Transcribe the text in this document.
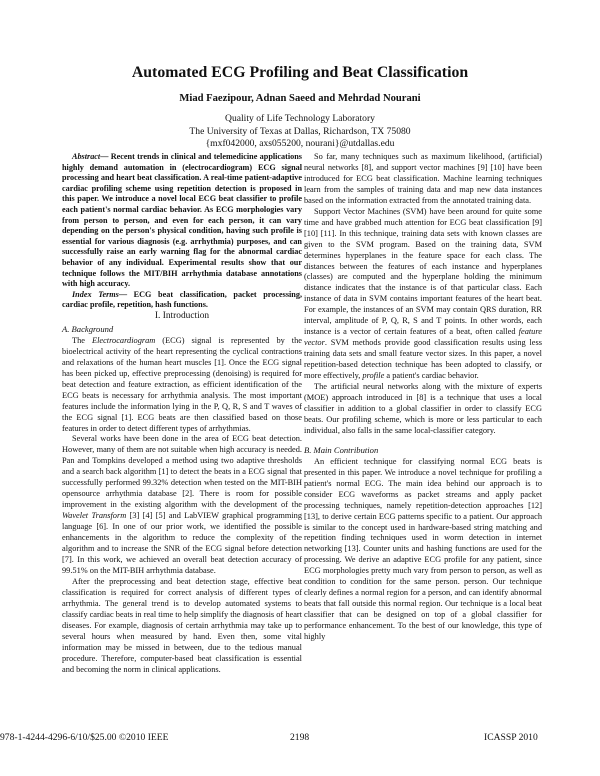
Automated ECG Profiling and Beat Classification
Miad Faezipour, Adnan Saeed and Mehrdad Nourani
Quality of Life Technology Laboratory
The University of Texas at Dallas, Richardson, TX 75080
{mxf042000, axs055200, nourani}@utdallas.edu

Abstract— Recent trends in clinical and telemedicine applications highly demand automation in (electrocardiogram) ECG signal processing and heart beat classification. A real-time patient-adaptive cardiac profiling scheme using repetition detection is proposed in this paper. We introduce a novel local ECG beat classifier to profile each patient's normal cardiac behavior. As ECG morphologies vary from person to person, and even for each person, it can vary depending on the person's physical condition, having such profile is essential for various diagnosis (e.g. arrhythmia) purposes, and can successfully raise an early warning flag for the abnormal cardiac behavior of any individual. Experimental results show that our technique follows the MIT/BIH arrhythmia database annotations with high accuracy.

Index Terms— ECG beat classification, packet processing, cardiac profile, repetition, hash functions.

I. Introduction
A. Background

The Electrocardiogram (ECG) signal is represented by the bioelectrical activity of the heart representing the cyclical contractions and relaxations of the human heart muscles [1]. Once the ECG signal has been picked up, effective preprocessing (denoising) is required for beat detection and feature extraction, as efficient identification of the ECG beats is necessary for arrhythmia analysis. The most important features include the information lying in the P, Q, R, S and T waves of the ECG signal [1]. ECG beats are then classified based on those features in order to detect different types of arrhythmias.

Several works have been done in the area of ECG beat detection. However, many of them are not suitable when high accuracy is needed. Pan and Tompkins developed a method using two adaptive thresholds and a search back algorithm [1] to detect the beats in a ECG signal that successfully performed 99.32% detection when tested on the MIT-BIH opensource arrhythmia database [2]. There is room for possible improvement in the existing algorithm with the development of the Wavelet Transform [3] [4] [5] and LabVIEW graphical programming language [6]. In one of our prior work, we identified the possible enhancements in the algorithm to reduce the complexity of the algorithm and to increase the SNR of the ECG signal before detection [7]. In this work, we achieved an overall beat detection accuracy of 99.51% on the MIT-BIH arrhythmia database.

After the preprocessing and beat detection stage, effective beat classification is required for correct analysis of different types of arrhythmia. The general trend is to develop automated systems to classify cardiac beats in real time to help simplify the diagnosis of heart diseases. For example, diagnosis of certain arrhythmia may take up to several hours when measured by hand. Even then, some vital information may be missed in between, due to the tedious manual procedure. Therefore, computer-based beat classification is essential and becoming the norm in clinical applications.

So far, many techniques such as maximum likelihood, (artificial) neural networks [8], and support vector machines [9] [10] have been introduced for ECG beat classification. Machine learning techniques learn from the samples of training data and map new data instances based on the information extracted from the annotated training data.

Support Vector Machines (SVM) have been around for quite some time and have grabbed much attention for ECG beat classification [9] [10] [11]. In this technique, training data sets with known classes are given to the SVM program. Based on the training data, SVM determines hyperplanes in the feature space for each class. The distances between the features of each instance and hyperplanes (classes) are computed and the hyperplane holding the minimum distance indicates that the instance is of that particular class. Each instance of data in SVM contains important features of the heart beat. For example, the instances of an SVM may contain QRS duration, RR interval, amplitude of P, Q, R, S and T points. In other words, each instance is a vector of certain features of a beat, often called feature vector. SVM methods provide good classification results using less training data sets and small feature vector sizes. In this paper, a novel repetition-based detection technique has been adopted to classify, or more effectively, profile a patient's cardiac behavior.

The artificial neural networks along with the mixture of experts (MOE) approach introduced in [8] is a technique that uses a local classifier in addition to a global classifier in order to classify ECG beats. Our profiling scheme, which is more or less particular to each individual, also falls in the same local-classifier category.

B. Main Contribution

An efficient technique for classifying normal ECG beats is presented in this paper. We introduce a novel technique for profiling a patient's normal ECG. The main idea behind our approach is to consider ECG waveforms as packet streams and apply packet processing techniques, namely repetition-detection approaches [12] [13], to derive certain ECG patterns specific to a patient. Our approach is similar to the concept used in hardware-based string matching and repetition finding techniques used in worm detection in internet networking [13]. Counter units and hashing functions are used for the processing. We derive an adaptive ECG profile for any patient, since ECG morphologies pretty much vary from person to person, as well as condition to condition for the same person. person. Our technique clearly defines a normal region for a person, and can identify abnormal beats that fall outside this normal region. Our technique is a local beat classifier that can be designed on top of a global classifier for performance enhancement. To the best of our knowledge, this type of highly

978-1-4244-4296-6/10/$25.00 ©2010 IEEE	2198	ICASSP 2010
